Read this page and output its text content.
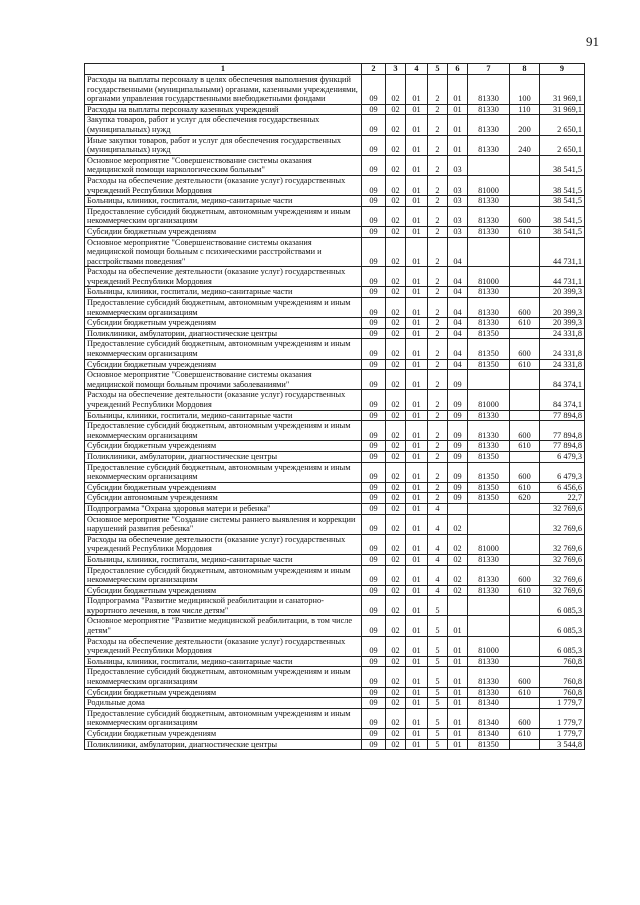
91
1	2	3	4	5	6	7	8	9
Расходы на выплаты персоналу в целях обеспечения выполнения функций государственными (муниципальными) органами, казенными учреждениями, органами управления государственными внебюджетными фондами	09	02	01	2	01	81330	100	31 969,1
Расходы на выплаты персоналу казенных учреждений	09	02	01	2	01	81330	110	31 969,1
Закупка товаров, работ и услуг для обеспечения государственных (муниципальных) нужд	09	02	01	2	01	81330	200	2 650,1
Иные закупки товаров, работ и услуг для обеспечения государственных (муниципальных) нужд	09	02	01	2	01	81330	240	2 650,1
Основное мероприятие "Совершенствование системы оказания медицинской помощи наркологическим больным"	09	02	01	2	03			38 541,5
Расходы на обеспечение деятельности (оказание услуг) государственных учреждений Республики Мордовия	09	02	01	2	03	81000		38 541,5
Больницы, клиники, госпитали, медико-санитарные части	09	02	01	2	03	81330		38 541,5
Предоставление субсидий бюджетным, автономным учреждениям и иным некоммерческим организациям	09	02	01	2	03	81330	600	38 541,5
Субсидии бюджетным учреждениям	09	02	01	2	03	81330	610	38 541,5
Основное мероприятие "Совершенствование системы оказания медицинской помощи больным с психическими расстройствами и расстройствами поведения"	09	02	01	2	04			44 731,1
Расходы на обеспечение деятельности (оказание услуг) государственных учреждений Республики Мордовия	09	02	01	2	04	81000		44 731,1
Больницы, клиники, госпитали, медико-санитарные части	09	02	01	2	04	81330		20 399,3
Предоставление субсидий бюджетным, автономным учреждениям и иным некоммерческим организациям	09	02	01	2	04	81330	600	20 399,3
Субсидии бюджетным учреждениям	09	02	01	2	04	81330	610	20 399,3
Поликлиники, амбулатории, диагностические центры	09	02	01	2	04	81350		24 331,8
Предоставление субсидий бюджетным, автономным учреждениям и иным некоммерческим организациям	09	02	01	2	04	81350	600	24 331,8
Субсидии бюджетным учреждениям	09	02	01	2	04	81350	610	24 331,8
Основное мероприятие "Совершенствование системы оказания медицинской помощи больным прочими заболеваниями"	09	02	01	2	09			84 374,1
Расходы на обеспечение деятельности (оказание услуг) государственных учреждений Республики Мордовия	09	02	01	2	09	81000		84 374,1
Больницы, клиники, госпитали, медико-санитарные части	09	02	01	2	09	81330		77 894,8
Предоставление субсидий бюджетным, автономным учреждениям и иным некоммерческим организациям	09	02	01	2	09	81330	600	77 894,8
Субсидии бюджетным учреждениям	09	02	01	2	09	81330	610	77 894,8
Поликлиники, амбулатории, диагностические центры	09	02	01	2	09	81350		6 479,3
Предоставление субсидий бюджетным, автономным учреждениям и иным некоммерческим организациям	09	02	01	2	09	81350	600	6 479,3
Субсидии бюджетным учреждениям	09	02	01	2	09	81350	610	6 456,6
Субсидии автономным учреждениям	09	02	01	2	09	81350	620	22,7
Подпрограмма "Охрана здоровья матери и ребенка"	09	02	01	4				32 769,6
Основное мероприятие "Создание системы раннего выявления и коррекции нарушений развития ребенка"	09	02	01	4	02			32 769,6
Расходы на обеспечение деятельности (оказание услуг) государственных учреждений Республики Мордовия	09	02	01	4	02	81000		32 769,6
Больницы, клиники, госпитали, медико-санитарные части	09	02	01	4	02	81330		32 769,6
Предоставление субсидий бюджетным, автономным учреждениям и иным некоммерческим организациям	09	02	01	4	02	81330	600	32 769,6
Субсидии бюджетным учреждениям	09	02	01	4	02	81330	610	32 769,6
Подпрограмма "Развитие медицинской реабилитации и санаторно-курортного лечения, в том числе детям"	09	02	01	5				6 085,3
Основное мероприятие "Развитие медицинской реабилитации, в том числе детям"	09	02	01	5	01			6 085,3
Расходы на обеспечение деятельности (оказание услуг) государственных учреждений Республики Мордовия	09	02	01	5	01	81000		6 085,3
Больницы, клиники, госпитали, медико-санитарные части	09	02	01	5	01	81330		760,8
Предоставление субсидий бюджетным, автономным учреждениям и иным некоммерческим организациям	09	02	01	5	01	81330	600	760,8
Субсидии бюджетным учреждениям	09	02	01	5	01	81330	610	760,8
Родильные дома	09	02	01	5	01	81340		1 779,7
Предоставление субсидий бюджетным, автономным учреждениям и иным некоммерческим организациям	09	02	01	5	01	81340	600	1 779,7
Субсидии бюджетным учреждениям	09	02	01	5	01	81340	610	1 779,7
Поликлиники, амбулатории, диагностические центры	09	02	01	5	01	81350		3 544,8
